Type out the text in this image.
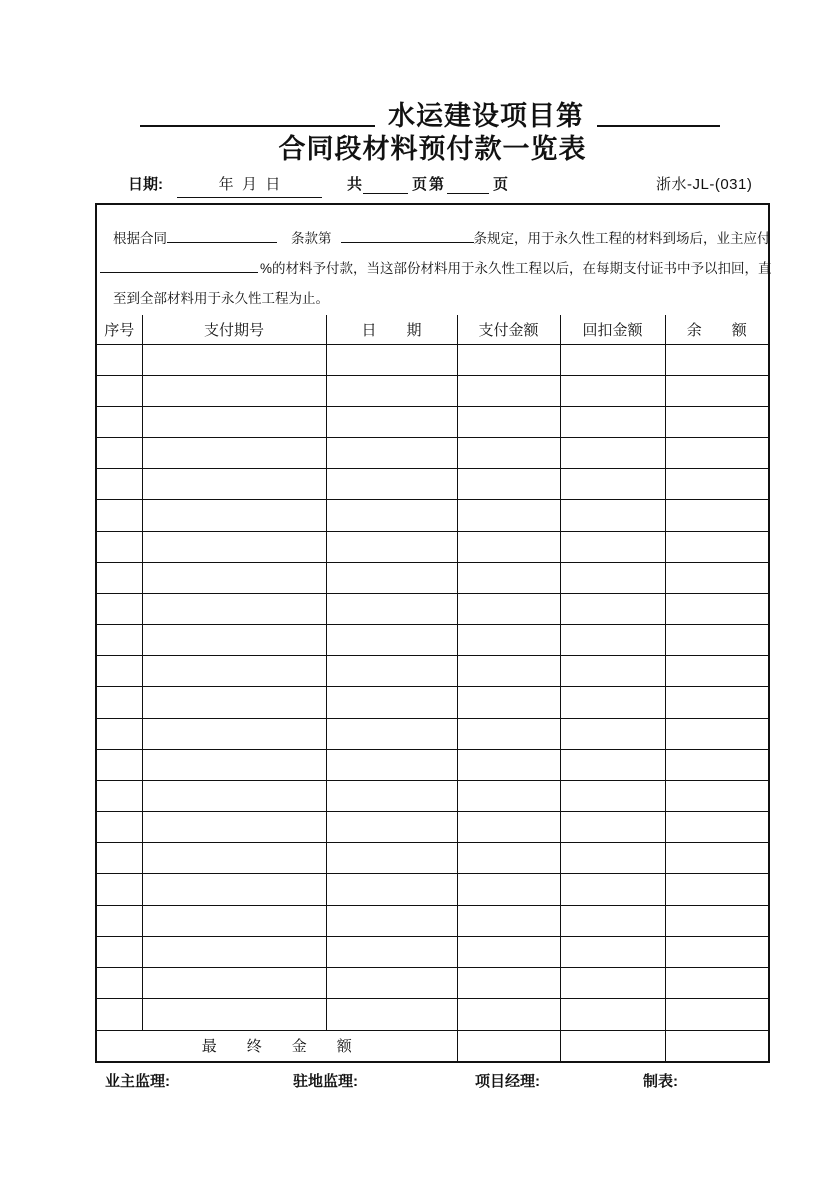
水运建设项目第
合同段材料预付款一览表
日期:	年  月  日	共	页 第	页	浙水-JL-(031)
根据合同	条款第	条规定，用于永久性工程的材料到场后，业主应付
%的材料予付款，当这部份材料用于永久性工程以后，在每期支付证书中予以扣回，直
至到全部材料用于永久性工程为止。
序号	支付期号	日　　期	支付金额	回扣金额	余　　额

最　　终　　金　　额					
业主监理:	驻地监理:	项目经理:	制表:
